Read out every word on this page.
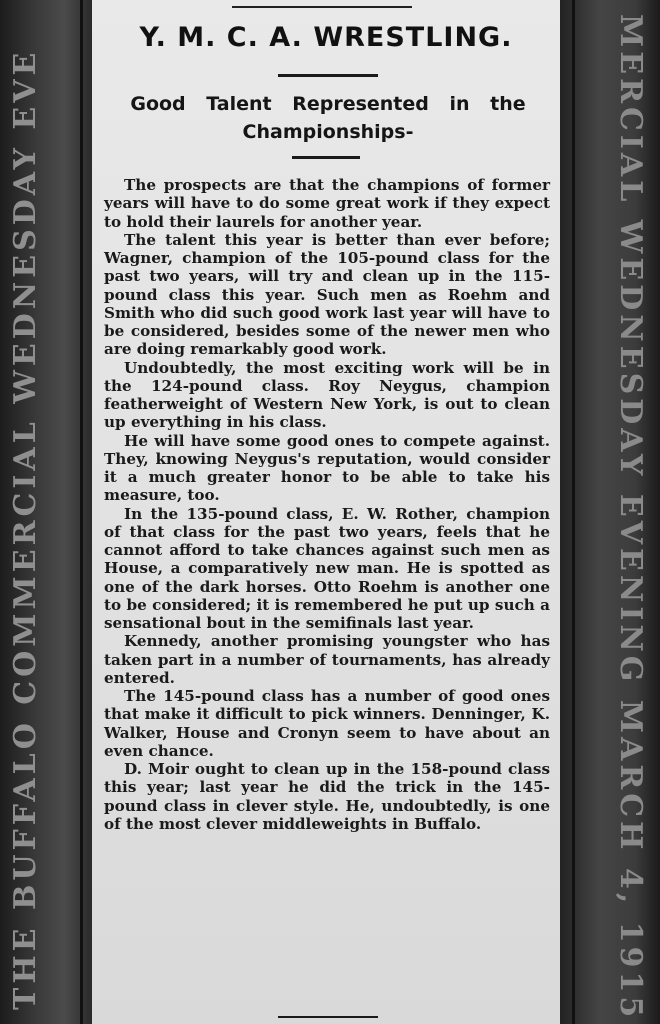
THE BUFFALO COMMERCIAL WEDNESDAY EVE	MERCIAL WEDNESDAY EVENING MARCH 4, 1915
Y. M. C. A. WRESTLING.
Good Talent Represented in the Championships-

The prospects are that the champions of former years will have to do some great work if they expect to hold their laurels for another year.

The talent this year is better than ever before; Wagner, champion of the 105-pound class for the past two years, will try and clean up in the 115-pound class this year. Such men as Roehm and Smith who did such good work last year will have to be considered, besides some of the newer men who are doing remarkably good work.

Undoubtedly, the most exciting work will be in the 124-pound class. Roy Neygus, champion featherweight of Western New York, is out to clean up everything in his class.

He will have some good ones to compete against. They, knowing Neygus's reputation, would consider it a much greater honor to be able to take his measure, too.

In the 135-pound class, E. W. Rother, champion of that class for the past two years, feels that he cannot afford to take chances against such men as House, a comparatively new man. He is spotted as one of the dark horses. Otto Roehm is another one to be considered; it is remembered he put up such a sensational bout in the semifinals last year.

Kennedy, another promising youngster who has taken part in a number of tournaments, has already entered.

The 145-pound class has a number of good ones that make it difficult to pick winners. Denninger, K. Walker, House and Cronyn seem to have about an even chance.

D. Moir ought to clean up in the 158-pound class this year; last year he did the trick in the 145-pound class in clever style. He, undoubtedly, is one of the most clever middleweights in Buffalo.
